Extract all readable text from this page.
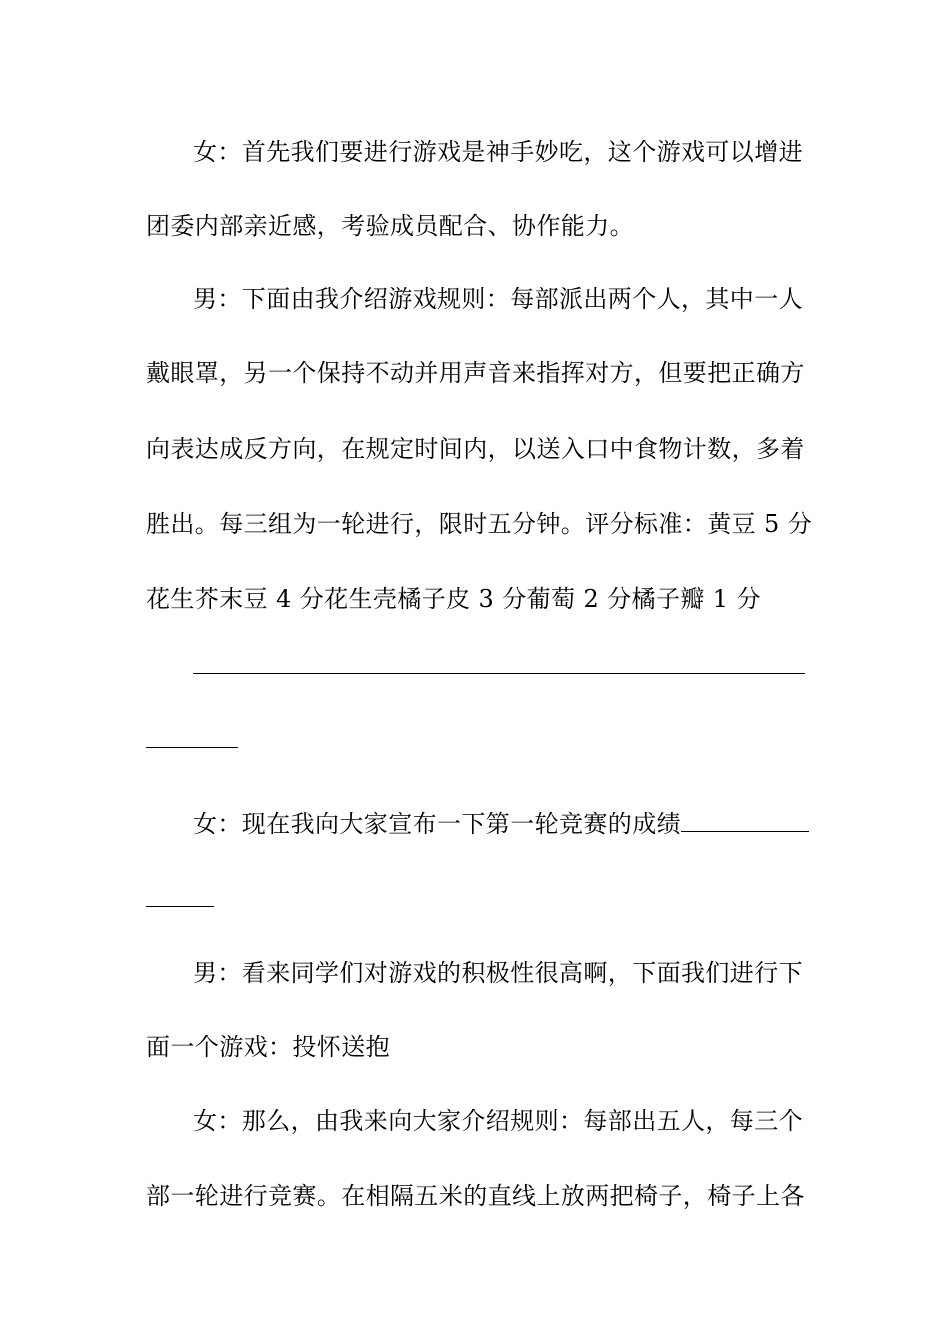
女：首先我们要进行游戏是神手妙吃，这个游戏可以增进
团委内部亲近感，考验成员配合、协作能力。
男：下面由我介绍游戏规则：每部派出两个人，其中一人
戴眼罩，另一个保持不动并用声音来指挥对方，但要把正确方
向表达成反方向，在规定时间内，以送入口中食物计数，多着
胜出。每三组为一轮进行，限时五分钟。评分标准：黄豆 5 分
花生芥末豆 4 分花生壳橘子皮 3 分葡萄 2 分橘子瓣 1 分
女：现在我向大家宣布一下第一轮竞赛的成绩
男：看来同学们对游戏的积极性很高啊，下面我们进行下
面一个游戏：投怀送抱
女：那么，由我来向大家介绍规则：每部出五人，每三个
部一轮进行竞赛。在相隔五米的直线上放两把椅子，椅子上各
